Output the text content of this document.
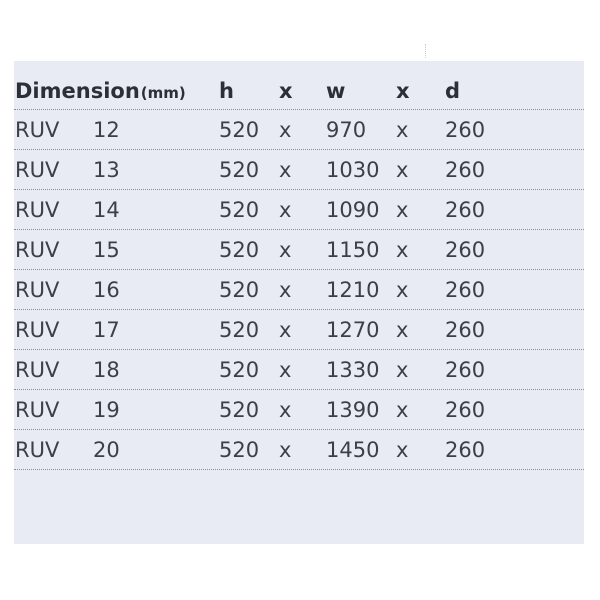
Dimension(mm) h x w x d
RUV 12	520 x 970 x 260
RUV 13	520 x 1030 x 260
RUV 14	520 x 1090 x 260
RUV 15	520 x 1150 x 260
RUV 16	520 x 1210 x 260
RUV 17	520 x 1270 x 260
RUV 18	520 x 1330 x 260
RUV 19	520 x 1390 x 260
RUV 20	520 x 1450 x 260
